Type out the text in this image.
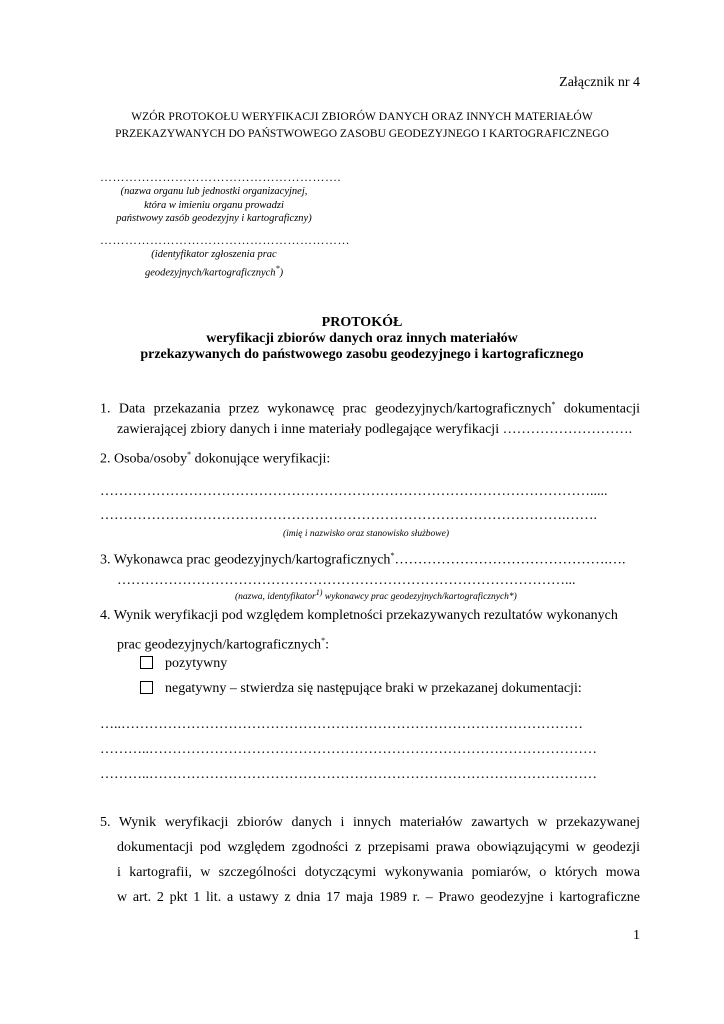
Załącznik nr 4
WZÓR PROTOKOŁU WERYFIKACJI ZBIORÓW DANYCH ORAZ INNYCH MATERIAŁÓW
PRZEKAZYWANYCH DO PAŃSTWOWEGO ZASOBU GEODEZYJNEGO I KARTOGRAFICZNEGO
………………………………………………….
(nazwa organu lub jednostki organizacyjnej,
która w imieniu organu prowadzi
państwowy zasób geodezyjny i kartograficzny)
……………………………………………………
(identyfikator zgłoszenia prac
geodezyjnych/kartograficznych*)
PROTOKÓŁ
weryfikacji zbiorów danych oraz innych materiałów
przekazywanych do państwowego zasobu geodezyjnego i kartograficznego
1. Data przekazania przez wykonawcę prac geodezyjnych/kartograficznych* dokumentacji
zawierającej zbiory danych i inne materiały podlegające weryfikacji ……………………….
2. Osoba/osoby* dokonujące weryfikacji:
…………………………………………………………………………………………….....
……………………………………………………………………………………….…….
(imię i nazwisko oraz stanowisko służbowe)
3. Wykonawca prac geodezyjnych/kartograficznych*……………………………………….….
……………………………………………………………………………………...
(nazwa, identyfikator$^{1)}$ wykonawcy prac geodezyjnych/kartograficznych*)
4. Wynik weryfikacji pod względem kompletności przekazywanych rezultatów wykonanych
prac geodezyjnych/kartograficznych*:
pozytywny
negatywny – stwierdza się następujące braki w przekazanej dokumentacji:
…..………………………………………………………………………………………
………..……………………………………………………………………………………
………..……………………………………………………………………………………
5. Wynik weryfikacji zbiorów danych i innych materiałów zawartych w przekazywanej
dokumentacji pod względem zgodności z przepisami prawa obowiązującymi w geodezji
i kartografii, w szczególności dotyczącymi wykonywania pomiarów, o których mowa
w art. 2 pkt 1 lit. a ustawy z dnia 17 maja 1989 r. – Prawo geodezyjne i kartograficzne
1
